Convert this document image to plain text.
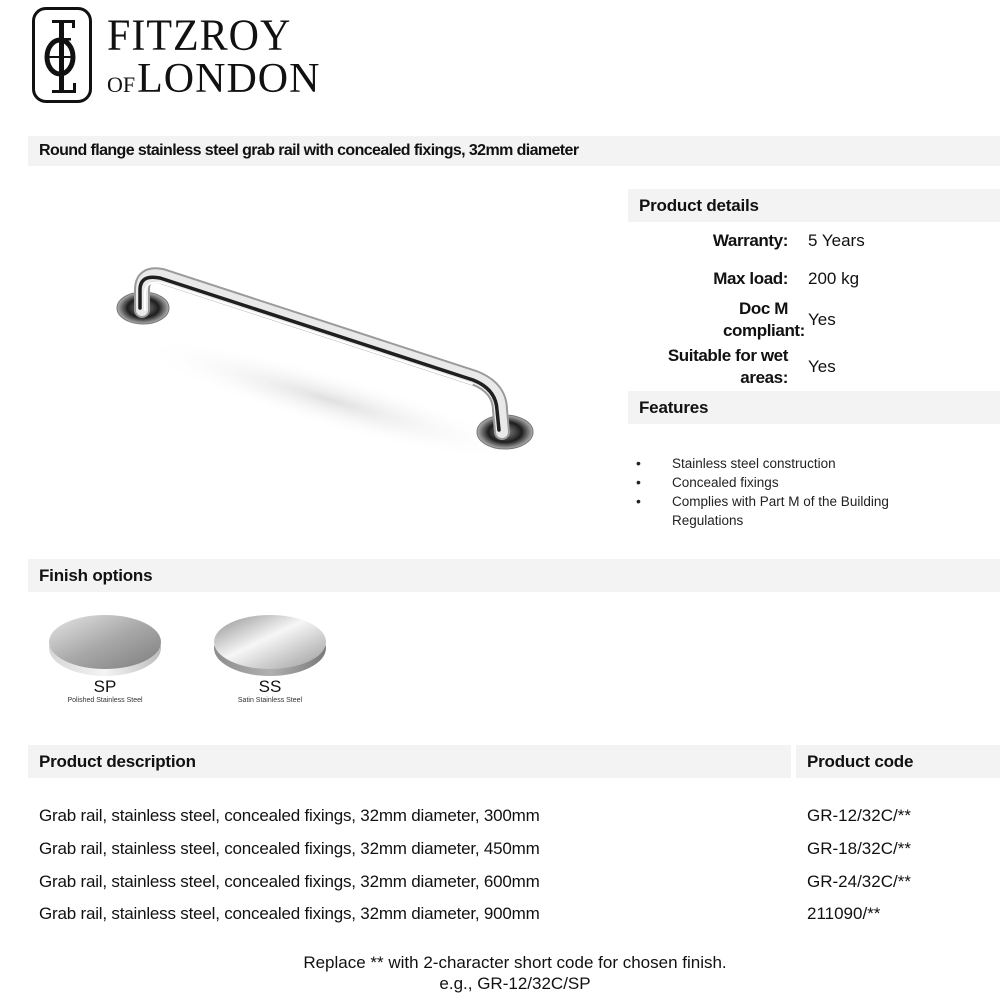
FITZROY
OFLONDON
Round flange stainless steel grab rail with concealed fixings, 32mm diameter
Product details
Warranty: 5 Years
Max load: 200 kg
Doc M compliant:
Yes
Suitable for wet areas:
Yes
Features
• Stainless steel construction
• Concealed fixings
• Complies with Part M of the Building Regulations
Finish options
SP
Polished Stainless Steel
SS
Satin Stainless Steel
Product description	Product code
Grab rail, stainless steel, concealed fixings, 32mm diameter, 300mm	GR-12/32C/**
Grab rail, stainless steel, concealed fixings, 32mm diameter, 450mm	GR-18/32C/**
Grab rail, stainless steel, concealed fixings, 32mm diameter, 600mm	GR-24/32C/**
Grab rail, stainless steel, concealed fixings, 32mm diameter, 900mm	211090/**
Replace ** with 2-character short code for chosen finish.
e.g., GR-12/32C/SP
